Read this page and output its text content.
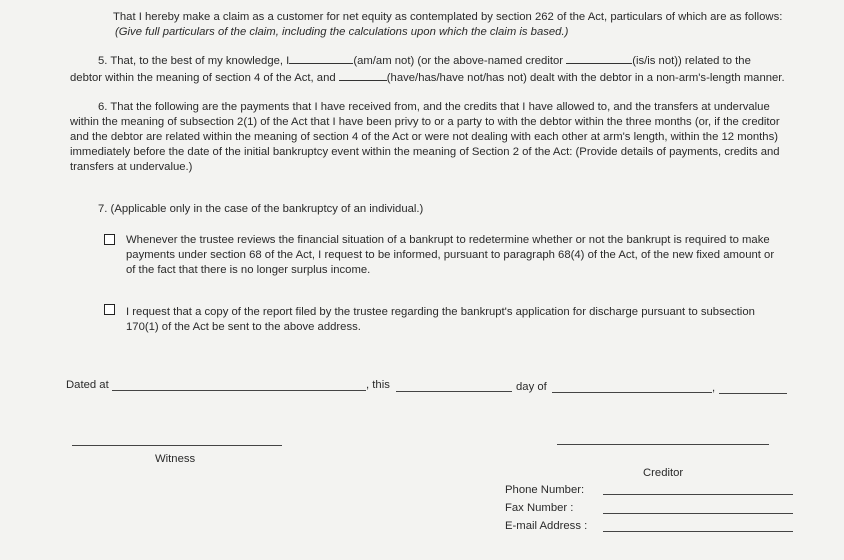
That I hereby make a claim as a customer for net equity as contemplated by section 262 of the Act, particulars of which are as follows:
(Give full particulars of the claim, including the calculations upon which the claim is based.)
5. That, to the best of my knowledge, I	(am/am not) (or the above-named creditor	(is/is not)) related to the
debtor within the meaning of section 4 of the Act, and	(have/has/have not/has not) dealt with the debtor in a non-arm's-length manner.
6. That the following are the payments that I have received from, and the credits that I have allowed to, and the transfers at undervalue
within the meaning of subsection 2(1) of the Act that I have been privy to or a party to with the debtor within the three months (or, if the creditor
and the debtor are related within the meaning of section 4 of the Act or were not dealing with each other at arm's length, within the 12 months)
immediately before the date of the initial bankruptcy event within the meaning of Section 2 of the Act: (Provide details of payments, credits and
transfers at undervalue.)
7. (Applicable only in the case of the bankruptcy of an individual.)
Whenever the trustee reviews the financial situation of a bankrupt to redetermine whether or not the bankrupt is required to make
payments under section 68 of the Act, I request to be informed, pursuant to paragraph 68(4) of the Act, of the new fixed amount or
of the fact that there is no longer surplus income.
I request that a copy of the report filed by the trustee regarding the bankrupt's application for discharge pursuant to subsection
170(1) of the Act be sent to the above address.
Dated at	, this	day of	,
Witness
Creditor
Phone Number:
Fax Number :
E-mail Address :
